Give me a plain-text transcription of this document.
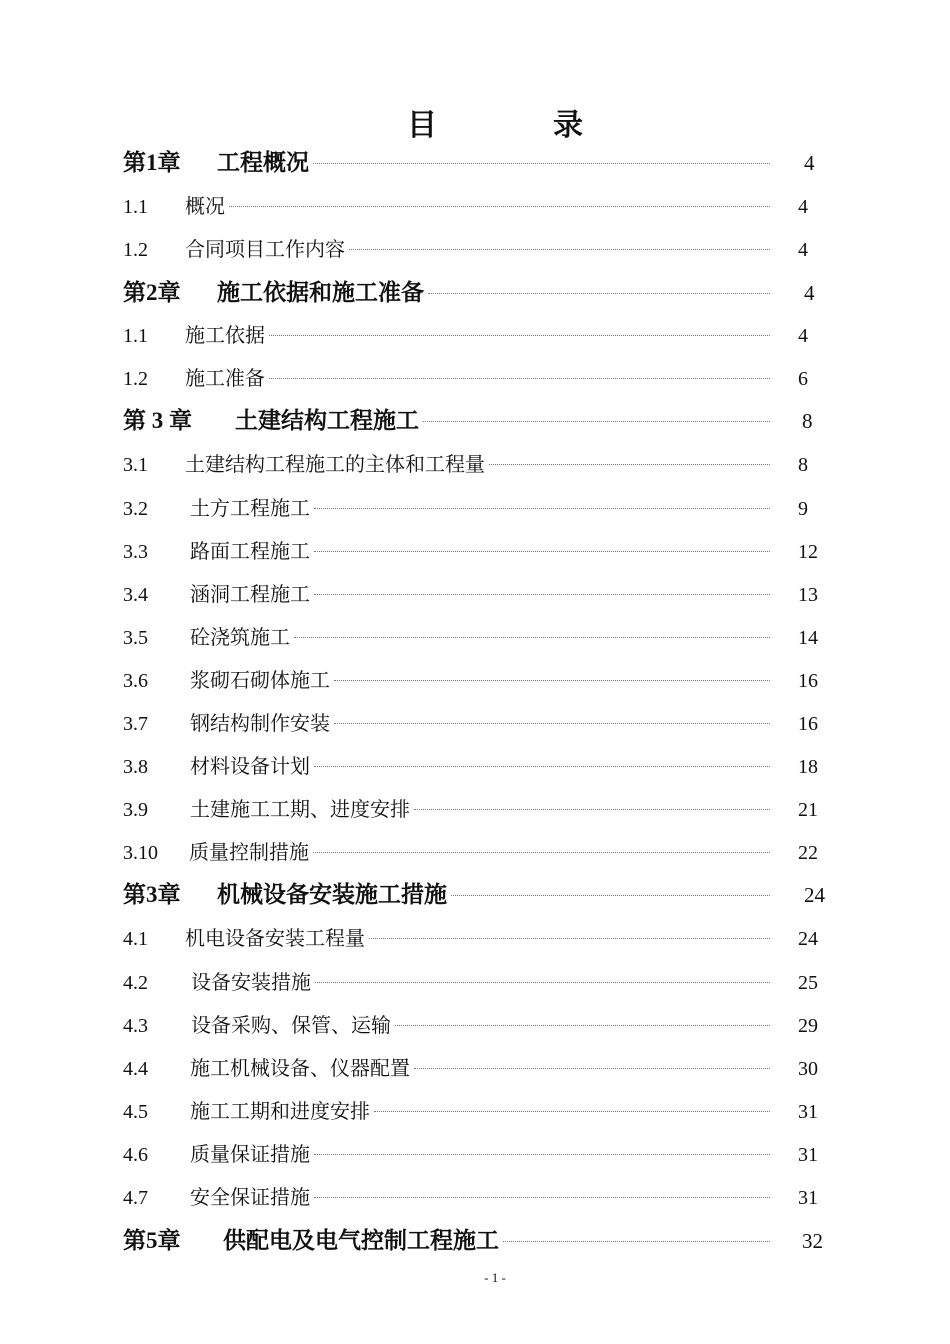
目	录
第1章 工程概况	4
1.1 概况	4
1.2 合同项目工作内容	4
第2章 施工依据和施工准备	4
1.1 施工依据	4
1.2 施工准备	6
第 3 章 土建结构工程施工	8
3.1 土建结构工程施工的主体和工程量	8
3.2 土方工程施工	9
3.3 路面工程施工	12
3.4 涵洞工程施工	13
3.5 砼浇筑施工	14
3.6 浆砌石砌体施工	16
3.7 钢结构制作安装	16
3.8 材料设备计划	18
3.9 土建施工工期、进度安排	21
3.10 质量控制措施	22
第3章 机械设备安装施工措施	24
4.1 机电设备安装工程量	24
4.2 设备安装措施	25
4.3 设备采购、保管、运输	29
4.4 施工机械设备、仪器配置	30
4.5 施工工期和进度安排	31
4.6 质量保证措施	31
4.7 安全保证措施	31
第5章 供配电及电气控制工程施工	32
- 1 -
